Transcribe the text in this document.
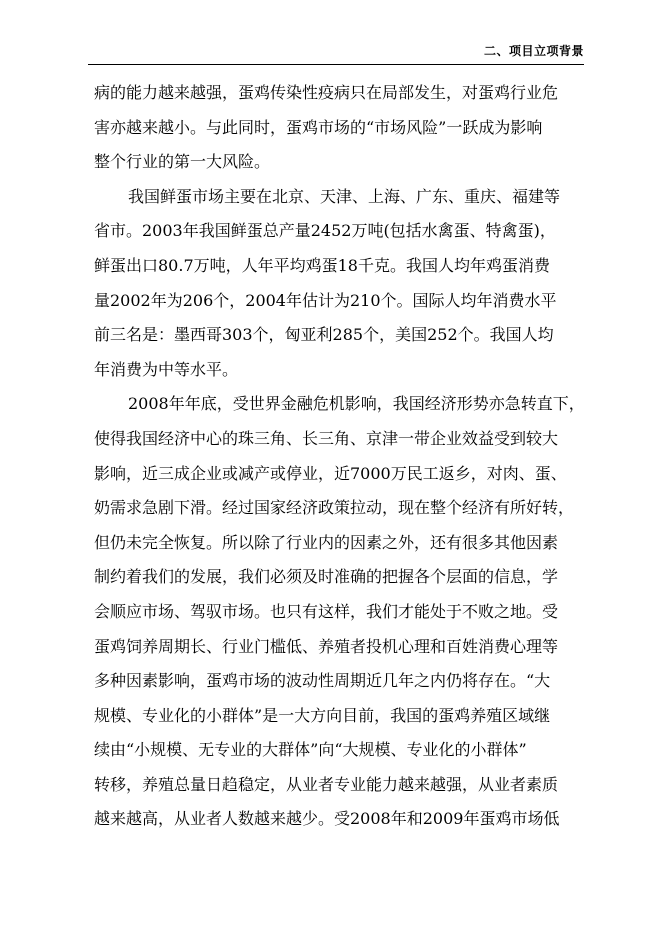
二、项目立项背景
病的能力越来越强，蛋鸡传染性疫病只在局部发生，对蛋鸡行业危
害亦越来越小。与此同时，蛋鸡市场的“市场风险”一跃成为影响
整个行业的第一大风险。
我国鲜蛋市场主要在北京、天津、上海、广东、重庆、福建等
省市。2003年我国鲜蛋总产量2452万吨(包括水禽蛋、特禽蛋)，
鲜蛋出口80.7万吨，人年平均鸡蛋18千克。我国人均年鸡蛋消费
量2002年为206个，2004年估计为210个。国际人均年消费水平
前三名是：墨西哥303个，匈亚利285个，美国252个。我国人均
年消费为中等水平。
2008年年底，受世界金融危机影响，我国经济形势亦急转直下，
使得我国经济中心的珠三角、长三角、京津一带企业效益受到较大
影响，近三成企业或减产或停业，近7000万民工返乡，对肉、蛋、
奶需求急剧下滑。经过国家经济政策拉动，现在整个经济有所好转，
但仍未完全恢复。所以除了行业内的因素之外，还有很多其他因素
制约着我们的发展，我们必须及时准确的把握各个层面的信息，学
会顺应市场、驾驭市场。也只有这样，我们才能处于不败之地。受
蛋鸡饲养周期长、行业门槛低、养殖者投机心理和百姓消费心理等
多种因素影响，蛋鸡市场的波动性周期近几年之内仍将存在。“大
规模、专业化的小群体”是一大方向目前，我国的蛋鸡养殖区域继
续由“小规模、无专业的大群体”向“大规模、专业化的小群体”
转移，养殖总量日趋稳定，从业者专业能力越来越强，从业者素质
越来越高，从业者人数越来越少。受2008年和2009年蛋鸡市场低
